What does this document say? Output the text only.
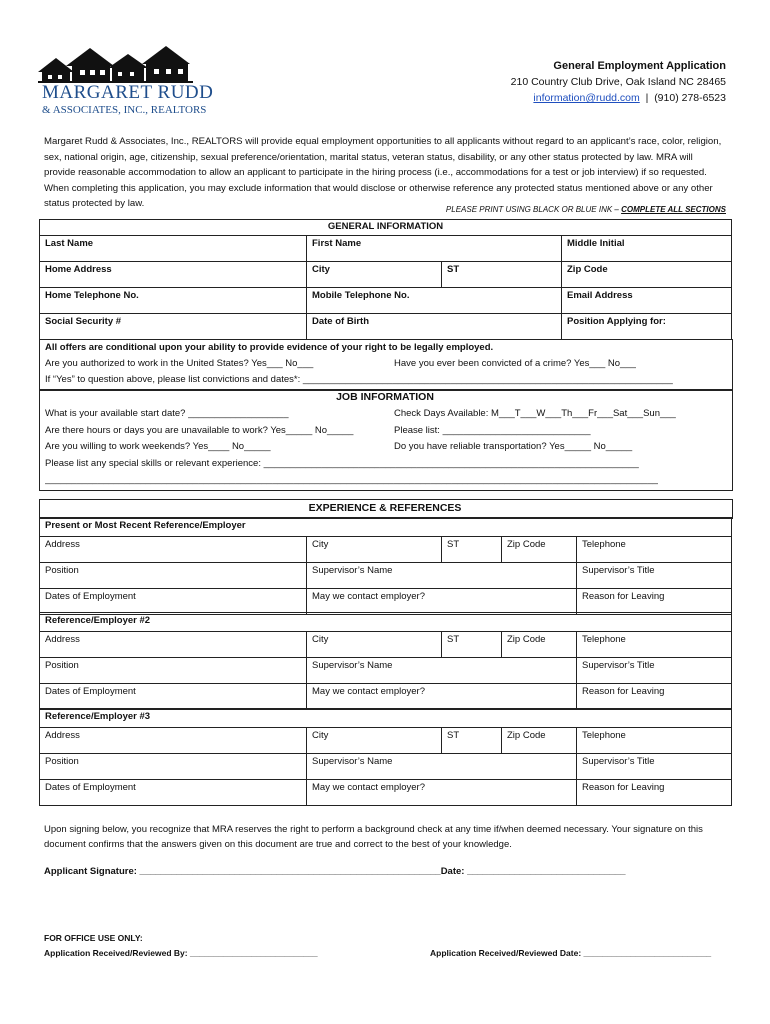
MARGARET RUDD
& ASSOCIATES, INC., REALTORS
General Employment Application
210 Country Club Drive, Oak Island NC 28465
information@rudd.com | (910) 278-6523
Margaret Rudd & Associates, Inc., REALTORS will provide equal employment opportunities to all applicants without regard to an applicant’s race, color, religion, sex, national origin, age, citizenship, sexual preference/orientation, marital status, veteran status, disability, or any other status protected by law. MRA will provide reasonable accommodation to allow an applicant to participate in the hiring process (i.e., accommodations for a test or job interview) if so requested. When completing this application, you may exclude information that would disclose or otherwise reference any protected status mentioned above or any other status protected by law.
PLEASE PRINT USING BLACK OR BLUE INK – COMPLETE ALL SECTIONS
GENERAL INFORMATION			
Last Name	First Name		Middle Initial
Home Address	City	ST	Zip Code
Home Telephone No.	Mobile Telephone No.		Email Address
Social Security #	Date of Birth		Position Applying for:
All offers are conditional upon your ability to provide evidence of your right to be legally employed.
Are you authorized to work in the United States? Yes___ No___	Have you ever been convicted of a crime? Yes___ No___
If “Yes” to question above, please list convictions and dates*: ______________________________________________________________________
JOB INFORMATION
What is your available start date? ___________________	Check Days Available: M___T___W___Th___Fr___Sat___Sun___
Are there hours or days you are unavailable to work? Yes_____ No_____	Please list: ____________________________
Are you willing to work weekends? Yes____ No_____	Do you have reliable transportation? Yes_____ No_____
Please list any special skills or relevant experience: _______________________________________________________________________
____________________________________________________________________________________________________________________
EXPERIENCE & REFERENCES
Present or Most Recent Reference/Employer				
Address	City	ST	Zip Code	Telephone
Position	Supervisor’s Name			Supervisor’s Title
Dates of Employment	May we contact employer?			Reason for Leaving
Reference/Employer #2				
Address	City	ST	Zip Code	Telephone
Position	Supervisor’s Name			Supervisor’s Title
Dates of Employment	May we contact employer?			Reason for Leaving
Reference/Employer #3				
Address	City	ST	Zip Code	Telephone
Position	Supervisor’s Name			Supervisor’s Title
Dates of Employment	May we contact employer?			Reason for Leaving
Upon signing below, you recognize that MRA reserves the right to perform a background check at any time if/when deemed necessary. Your signature on this document confirms that the answers given on this document are true and correct to the best of your knowledge.
Applicant Signature: _________________________________________________________Date: ______________________________
FOR OFFICE USE ONLY:
Application Received/Reviewed By: ___________________________	Application Received/Reviewed Date: ___________________________
